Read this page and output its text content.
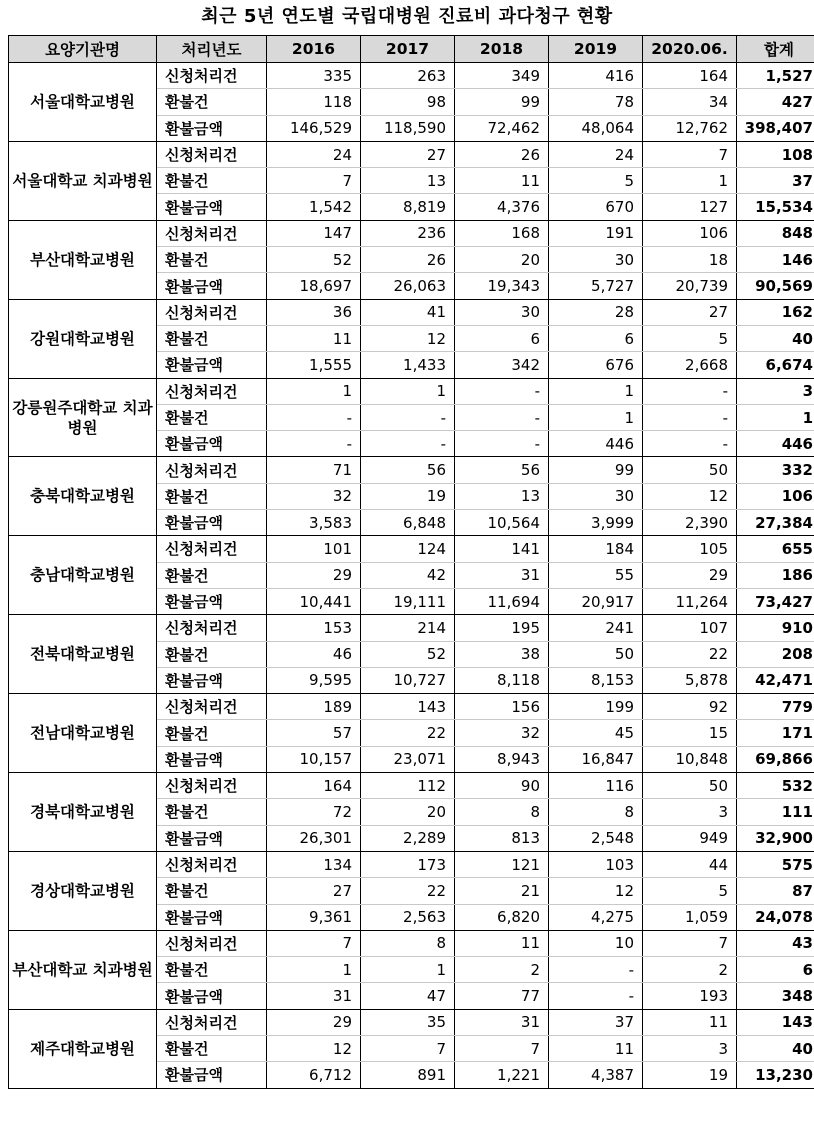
최근 5년 연도별 국립대병원 진료비 과다청구 현황
요양기관명	처리년도	2016	2017	2018	2019	2020.06.	합계
서울대학교병원	신청처리건	335	263	349	416	164	1,527
	환불건	118	98	99	78	34	427
	환불금액	146,529	118,590	72,462	48,064	12,762	398,407
서울대학교 치과병원	신청처리건	24	27	26	24	7	108
	환불건	7	13	11	5	1	37
	환불금액	1,542	8,819	4,376	670	127	15,534
부산대학교병원	신청처리건	147	236	168	191	106	848
	환불건	52	26	20	30	18	146
	환불금액	18,697	26,063	19,343	5,727	20,739	90,569
강원대학교병원	신청처리건	36	41	30	28	27	162
	환불건	11	12	6	6	5	40
	환불금액	1,555	1,433	342	676	2,668	6,674
강릉원주대학교 치과병원	신청처리건	1	1	-	1	-	3
	환불건	-	-	-	1	-	1
	환불금액	-	-	-	446	-	446
충북대학교병원	신청처리건	71	56	56	99	50	332
	환불건	32	19	13	30	12	106
	환불금액	3,583	6,848	10,564	3,999	2,390	27,384
충남대학교병원	신청처리건	101	124	141	184	105	655
	환불건	29	42	31	55	29	186
	환불금액	10,441	19,111	11,694	20,917	11,264	73,427
전북대학교병원	신청처리건	153	214	195	241	107	910
	환불건	46	52	38	50	22	208
	환불금액	9,595	10,727	8,118	8,153	5,878	42,471
전남대학교병원	신청처리건	189	143	156	199	92	779
	환불건	57	22	32	45	15	171
	환불금액	10,157	23,071	8,943	16,847	10,848	69,866
경북대학교병원	신청처리건	164	112	90	116	50	532
	환불건	72	20	8	8	3	111
	환불금액	26,301	2,289	813	2,548	949	32,900
경상대학교병원	신청처리건	134	173	121	103	44	575
	환불건	27	22	21	12	5	87
	환불금액	9,361	2,563	6,820	4,275	1,059	24,078
부산대학교 치과병원	신청처리건	7	8	11	10	7	43
	환불건	1	1	2	-	2	6
	환불금액	31	47	77	-	193	348
제주대학교병원	신청처리건	29	35	31	37	11	143
	환불건	12	7	7	11	3	40
	환불금액	6,712	891	1,221	4,387	19	13,230
